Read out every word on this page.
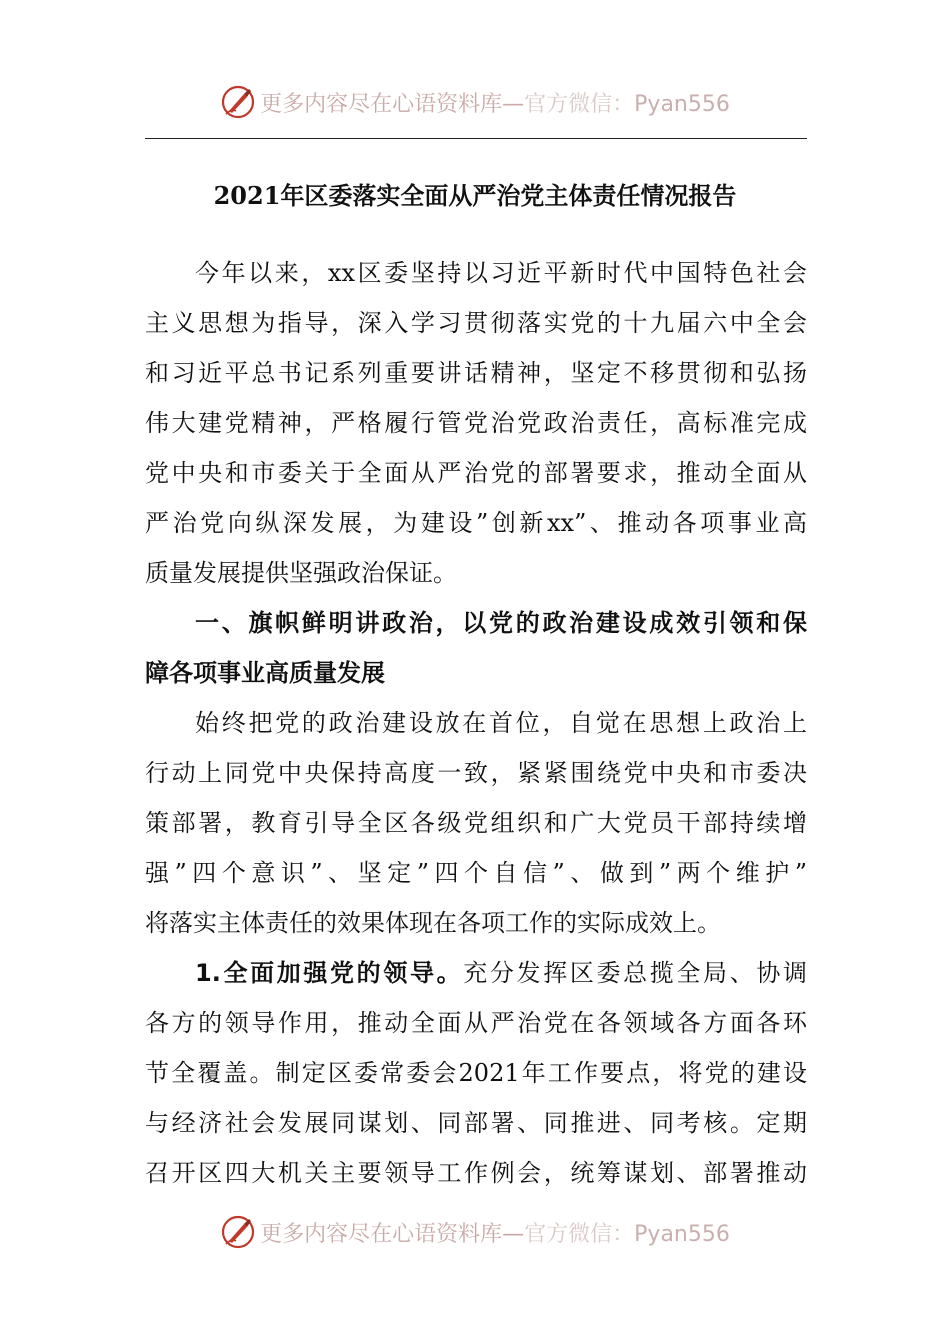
更多内容尽在心语资料库—官方微信：Pyan556
2021年区委落实全面从严治党主体责任情况报告
今年以来，xx区委坚持以习近平新时代中国特色社会
主义思想为指导，深入学习贯彻落实党的十九届六中全会
和习近平总书记系列重要讲话精神，坚定不移贯彻和弘扬
伟大建党精神，严格履行管党治党政治责任，高标准完成
党中央和市委关于全面从严治党的部署要求，推动全面从
严治党向纵深发展，为建设”创新xx”、推动各项事业高
质量发展提供坚强政治保证。
一、旗帜鲜明讲政治，以党的政治建设成效引领和保
障各项事业高质量发展
始终把党的政治建设放在首位，自觉在思想上政治上
行动上同党中央保持高度一致，紧紧围绕党中央和市委决
策部署，教育引导全区各级党组织和广大党员干部持续增
强”四个意识”、坚定”四个自信”、做到”两个维护”
将落实主体责任的效果体现在各项工作的实际成效上。
1.全面加强党的领导。充分发挥区委总揽全局、协调
各方的领导作用，推动全面从严治党在各领域各方面各环
节全覆盖。制定区委常委会2021年工作要点，将党的建设
与经济社会发展同谋划、同部署、同推进、同考核。定期
召开区四大机关主要领导工作例会，统筹谋划、部署推动
更多内容尽在心语资料库—官方微信：Pyan556
